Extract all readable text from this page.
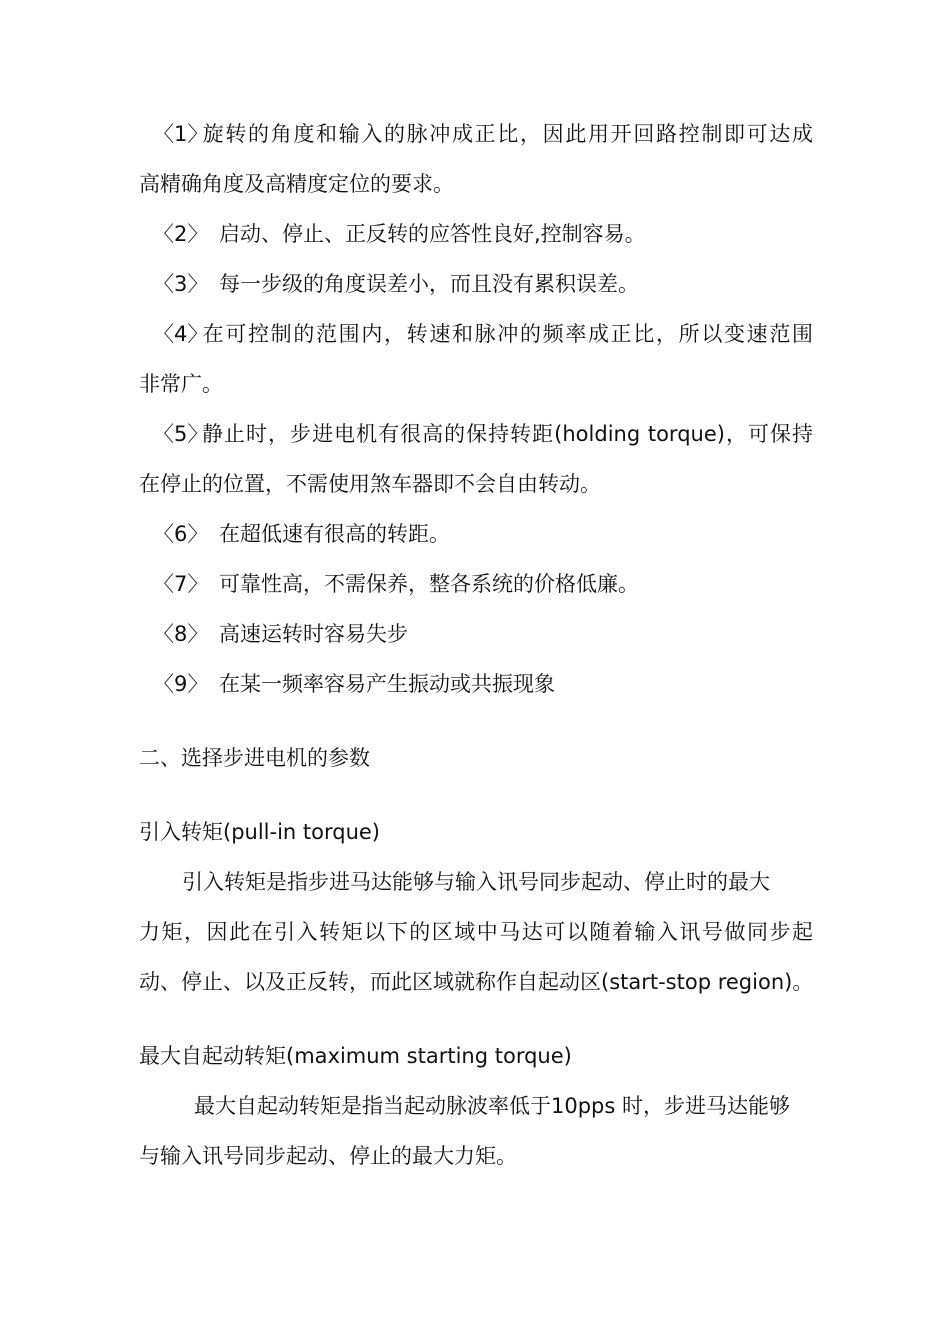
〈1〉旋转的角度和输入的脉冲成正比，因此用开回路控制即可达成
高精确角度及高精度定位的要求。
〈2〉 启动、停止、正反转的应答性良好,控制容易。
〈3〉 每一步级的角度误差小，而且没有累积误差。
〈4〉在可控制的范围内，转速和脉冲的频率成正比，所以变速范围
非常广。
〈5〉静止时，步进电机有很高的保持转距(holding torque)，可保持
在停止的位置，不需使用煞车器即不会自由转动。
〈6〉 在超低速有很高的转距。
〈7〉 可靠性高，不需保养，整各系统的价格低廉。
〈8〉 高速运转时容易失步
〈9〉 在某一频率容易产生振动或共振现象
二、选择步进电机的参数
引入转矩(pull-in torque)
引入转矩是指步进马达能够与输入讯号同步起动、停止时的最大
力矩，因此在引入转矩以下的区域中马达可以随着输入讯号做同步起
动、停止、以及正反转，而此区域就称作自起动区(start-stop region)。
最大自起动转矩(maximum starting torque)
最大自起动转矩是指当起动脉波率低于10pps 时，步进马达能够
与输入讯号同步起动、停止的最大力矩。
